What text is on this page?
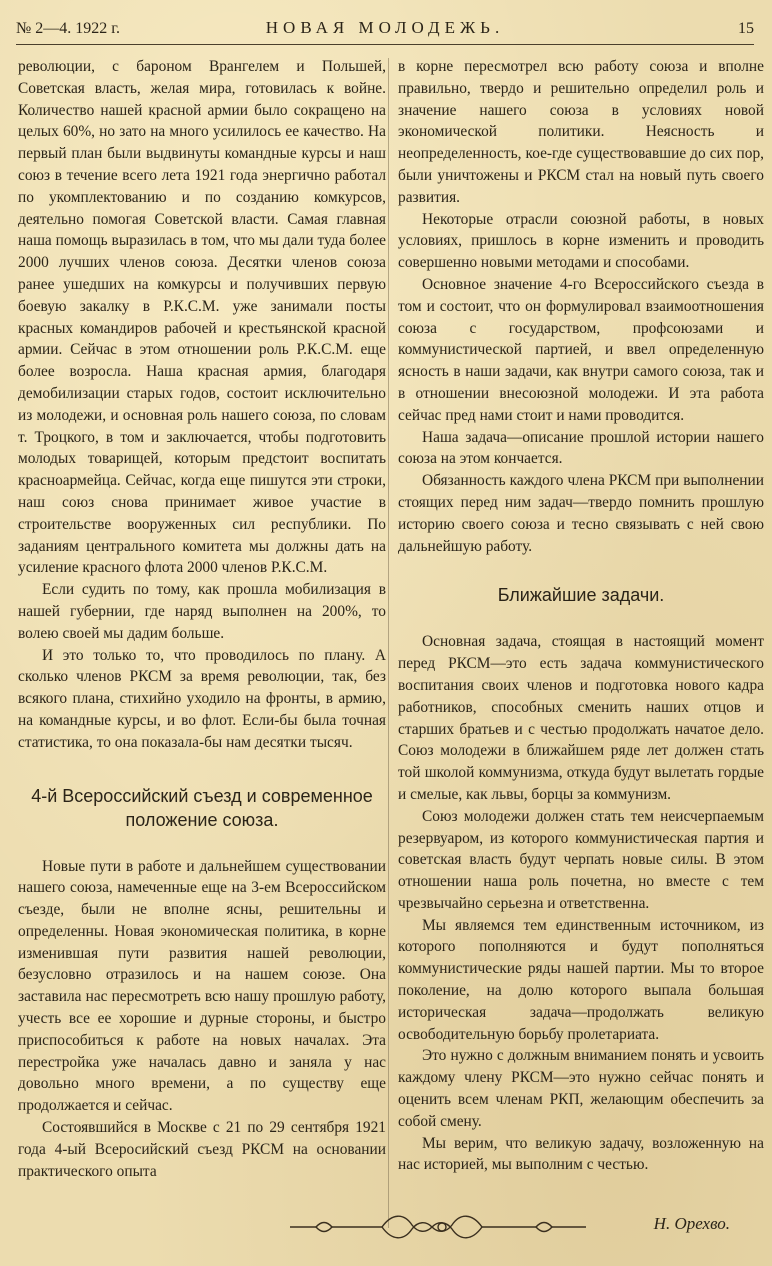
№ 2—4. 1922 г.	НОВАЯ МОЛОДЕЖЬ.	15

революции, с бароном Врангелем и Польшей, Советская власть, желая мира, готовилась к войне. Количество нашей красной армии было сокращено на целых 60%, но зато на много усилилось ее качество. На первый план были выдвинуты командные курсы и наш союз в течение всего лета 1921 года энергично работал по укомплектованию и по созданию комкурсов, деятельно помогая Советской власти. Самая главная наша помощь выразилась в том, что мы дали туда более 2000 лучших членов союза. Десятки членов союза ранее ушедших на комкурсы и получивших первую боевую закалку в Р.К.С.М. уже занимали посты красных командиров рабочей и крестьянской красной армии. Сейчас в этом отношении роль Р.К.С.М. еще более возросла. Наша красная армия, благодаря демобилизации старых годов, состоит исключительно из молодежи, и основная роль нашего союза, по словам т. Троцкого, в том и заключается, чтобы подготовить молодых товарищей, которым предстоит воспитать красноармейца. Сейчас, когда еще пишутся эти строки, наш союз снова принимает живое участие в строительстве вооруженных сил республики. По заданиям центрального комитета мы должны дать на усиление красного флота 2000 членов Р.К.С.М.

Если судить по тому, как прошла мобилизация в нашей губернии, где наряд выполнен на 200%, то волею своей мы дадим больше.

И это только то, что проводилось по плану. А сколько членов РКСМ за время революции, так, без всякого плана, стихийно уходило на фронты, в армию, на командные курсы, и во флот. Если-бы была точная статистика, то она показала-бы нам десятки тысяч.

4-й Всероссийский съезд и современное положение союза.

Новые пути в работе и дальнейшем существовании нашего союза, намеченные еще на 3-ем Всероссийском съезде, были не вполне ясны, решительны и определенны. Новая экономическая политика, в корне изменившая пути развития нашей революции, безусловно отразилось и на нашем союзе. Она заставила нас пересмотреть всю нашу прошлую работу, учесть все ее хорошие и дурные стороны, и быстро приспособиться к работе на новых началах. Эта перестройка уже началась давно и заняла у нас довольно много времени, а по существу еще продолжается и сейчас.

Состоявшийся в Москве с 21 по 29 сентября 1921 года 4-ый Всеросийский съезд РКСМ на основании практического опыта

в корне пересмотрел всю работу союза и вполне правильно, твердо и решительно определил роль и значение нашего союза в условиях новой экономической политики. Неясность и неопределенность, кое-где существовавшие до сих пор, были уничтожены и РКСМ стал на новый путь своего развития.

Некоторые отрасли союзной работы, в новых условиях, пришлось в корне изменить и проводить совершенно новыми методами и способами.

Основное значение 4-го Всероссийского съезда в том и состоит, что он формулировал взаимоотношения союза с государством, профсоюзами и коммунистической партией, и ввел определенную ясность в наши задачи, как внутри самого союза, так и в отношении внесоюзной молодежи. И эта работа сейчас пред нами стоит и нами проводится.

Наша задача—описание прошлой истории нашего союза на этом кончается.

Обязанность каждого члена РКСМ при выполнении стоящих перед ним задач—твердо помнить прошлую историю своего союза и тесно связывать с ней свою дальнейшую работу.

Ближайшие задачи.

Основная задача, стоящая в настоящий момент перед РКСМ—это есть задача коммунистического воспитания своих членов и подготовка нового кадра работников, способных сменить наших отцов и старших братьев и с честью продолжать начатое дело. Союз молодежи в ближайшем ряде лет должен стать той школой коммунизма, откуда будут вылетать гордые и смелые, как львы, борцы за коммунизм.

Союз молодежи должен стать тем неисчерпаемым резервуаром, из которого коммунистическая партия и советская власть будут черпать новые силы. В этом отношении наша роль почетна, но вместе с тем чрезвычайно серьезна и ответственна.

Мы являемся тем единственным источником, из которого пополняются и будут пополняться коммунистические ряды нашей партии. Мы то второе поколение, на долю которого выпала большая историческая задача—продолжать великую освободительную борьбу пролетариата.

Это нужно с должным вниманием понять и усвоить каждому члену РКСМ—это нужно сейчас понять и оценить всем членам РКП, желающим обеспечить за собой смену.

Мы верим, что великую задачу, возложенную на нас историей, мы выполним с честью.

Н. Орехво.
